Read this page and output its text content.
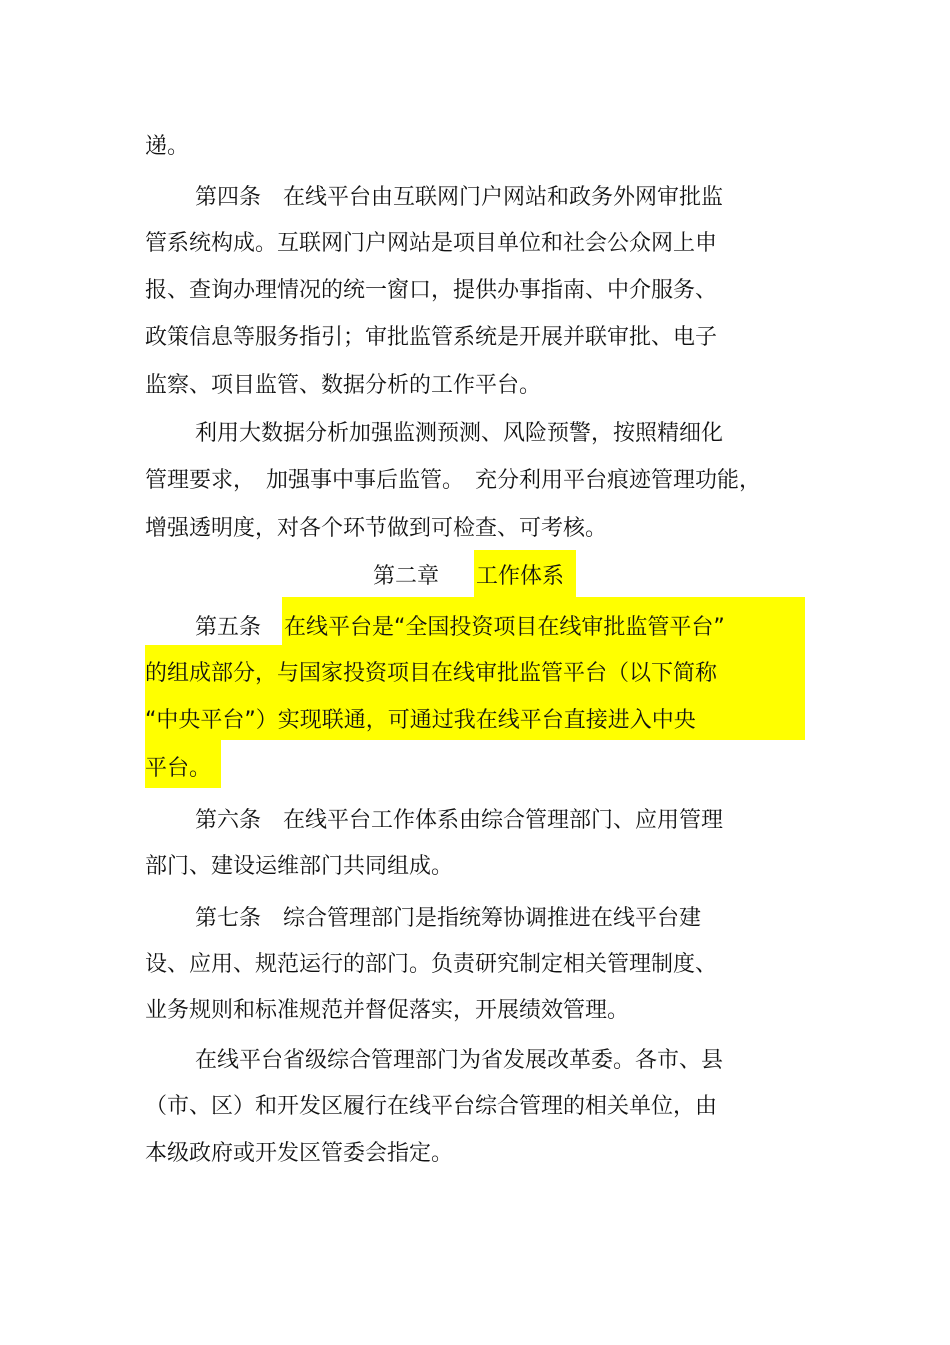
递。
第四条　在线平台由互联网门户网站和政务外网审批监
管系统构成。互联网门户网站是项目单位和社会公众网上申
报、查询办理情况的统一窗口，提供办事指南、中介服务、
政策信息等服务指引；审批监管系统是开展并联审批、电子
监察、项目监管、数据分析的工作平台。
利用大数据分析加强监测预测、风险预警，按照精细化
管理要求，　加强事中事后监管。　充分利用平台痕迹管理功能，
增强透明度，对各个环节做到可检查、可考核。
第二章 工作体系
第五条 在线平台是“全国投资项目在线审批监管平台”
的组成部分，与国家投资项目在线审批监管平台（以下简称
“中央平台”）实现联通，可通过我在线平台直接进入中央
平台。
第六条　在线平台工作体系由综合管理部门、应用管理
部门、建设运维部门共同组成。
第七条　综合管理部门是指统筹协调推进在线平台建
设、应用、规范运行的部门。负责研究制定相关管理制度、
业务规则和标准规范并督促落实，开展绩效管理。
在线平台省级综合管理部门为省发展改革委。各市、县
（市、区）和开发区履行在线平台综合管理的相关单位，由
本级政府或开发区管委会指定。
